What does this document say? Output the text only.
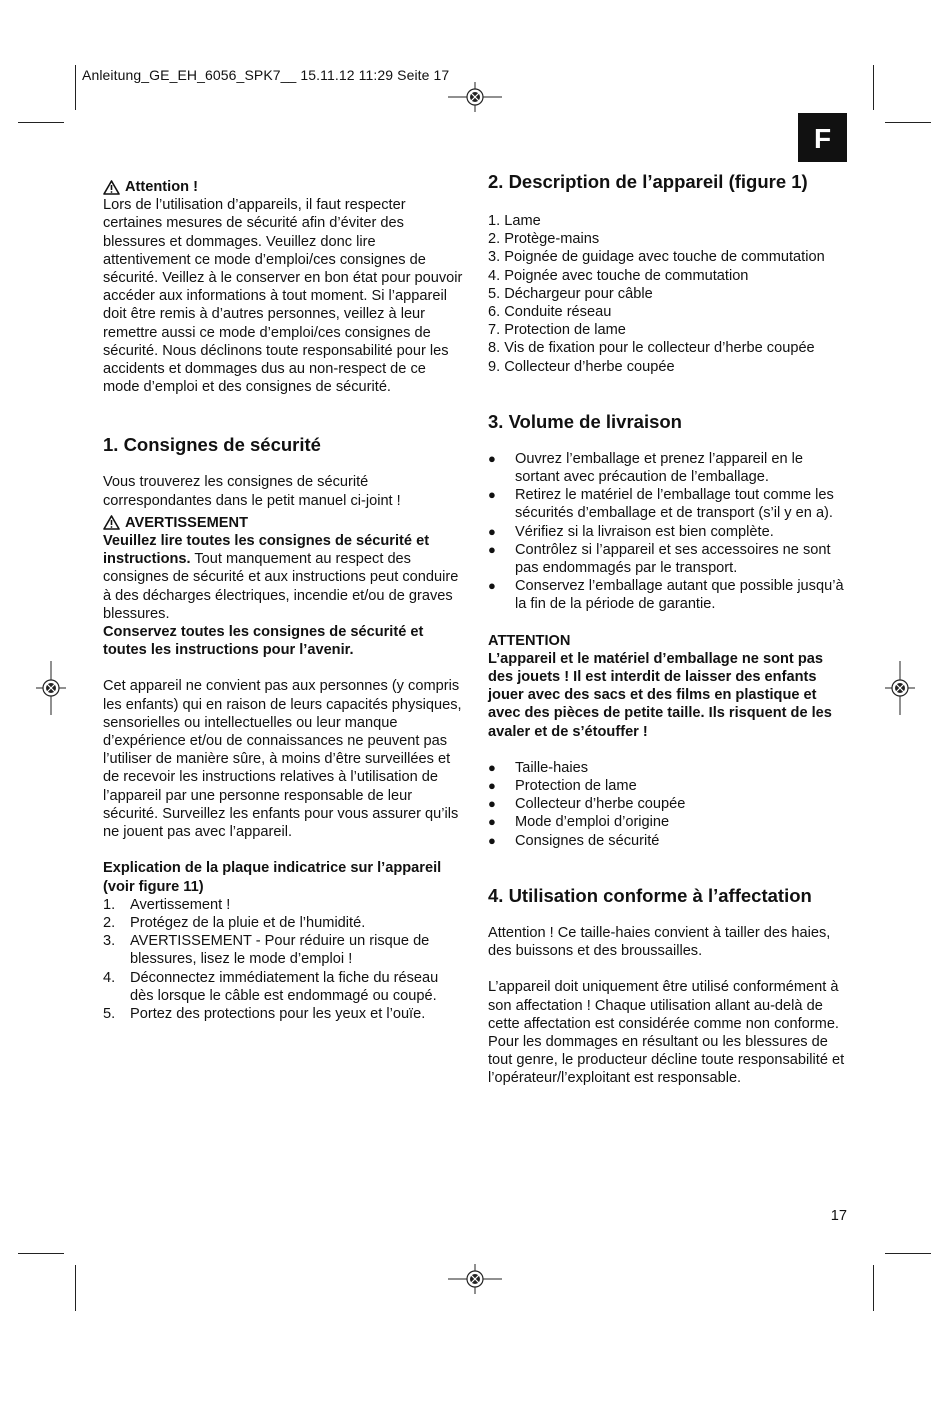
Anleitung_GE_EH_6056_SPK7__ 15.11.12 11:29 Seite 17
F
Attention !

Lors de l’utilisation d’appareils, il faut respecter certaines mesures de sécurité afin d’éviter des blessures et dommages. Veuillez donc lire attentivement ce mode d’emploi/ces consignes de sécurité. Veillez à le conserver en bon état pour pouvoir accéder aux informations à tout moment. Si l’appareil doit être remis à d’autres personnes, veillez à leur remettre aussi ce mode d’emploi/ces consignes de sécurité. Nous déclinons toute responsabilité pour les accidents et dommages dus au non-respect de ce mode d’emploi et des consignes de sécurité.

1. Consignes de sécurité

Vous trouverez les consignes de sécurité correspondantes dans le petit manuel ci-joint !

AVERTISSEMENT

Veuillez lire toutes les consignes de sécurité et instructions. Tout manquement au respect des consignes de sécurité et aux instructions peut conduire à des décharges électriques, incendie et/ou de graves blessures.

Conservez toutes les consignes de sécurité et toutes les instructions pour l’avenir.

Cet appareil ne convient pas aux personnes (y compris les enfants) qui en raison de leurs capacités physiques, sensorielles ou intellectuelles ou leur manque d’expérience et/ou de connaissances ne peuvent pas l’utiliser de manière sûre, à moins d’être surveillées et de recevoir les instructions relatives à l’utilisation de l’appareil par une personne responsable de leur sécurité. Surveillez les enfants pour vous assurer qu’ils ne jouent pas avec l’appareil.

Explication de la plaque indicatrice sur l’appareil (voir figure 11)

1.	Avertissement !
2.	Protégez de la pluie et de l’humidité.
3.	AVERTISSEMENT - Pour réduire un risque de blessures, lisez le mode d’emploi !
4.	Déconnectez immédiatement la fiche du réseau dès lorsque le câble est endommagé ou coupé.
5.	Portez des protections pour les yeux et l’ouïe.
2. Description de l’appareil (figure 1)
1. Lame
2. Protège-mains
3. Poignée de guidage avec touche de commutation
4. Poignée avec touche de commutation
5. Déchargeur pour câble
6. Conduite réseau
7. Protection de lame
8. Vis de fixation pour le collecteur d’herbe coupée
9. Collecteur d’herbe coupée
3. Volume de livraison
●	Ouvrez l’emballage et prenez l’appareil en le sortant avec précaution de l’emballage.
●	Retirez le matériel de l’emballage tout comme les sécurités d’emballage et de transport (s’il y en a).
●	Vérifiez si la livraison est bien complète.
●	Contrôlez si l’appareil et ses accessoires ne sont pas endommagés par le transport.
●	Conservez l’emballage autant que possible jusqu’à la fin de la période de garantie.

ATTENTION

L’appareil et le matériel d’emballage ne sont pas des jouets ! Il est interdit de laisser des enfants jouer avec des sacs et des films en plastique et avec des pièces de petite taille. Ils risquent de les avaler et de s’étouffer !

●	Taille-haies
●	Protection de lame
●	Collecteur d’herbe coupée
●	Mode d’emploi d’origine
●	Consignes de sécurité
4. Utilisation conforme à l’affectation

Attention ! Ce taille-haies convient à tailler des haies, des buissons et des broussailles.

L’appareil doit uniquement être utilisé conformément à son affectation ! Chaque utilisation allant au-delà de cette affectation est considérée comme non conforme. Pour les dommages en résultant ou les blessures de tout genre, le producteur décline toute responsabilité et l’opérateur/l’exploitant est responsable.

17
